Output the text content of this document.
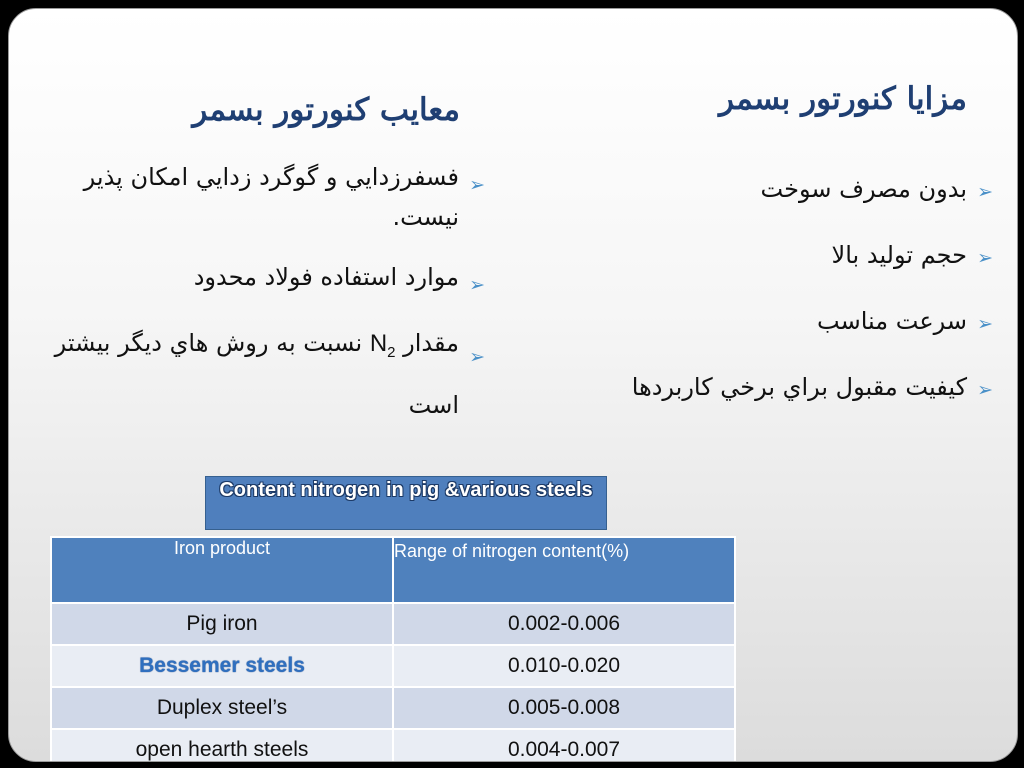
مزايا كنورتور بسمر
معايب كنورتور بسمر
➢
بدون مصرف سوخت
➢
حجم توليد بالا
➢
سرعت مناسب
➢
كيفيت مقبول براي برخي كاربردها
➢
فسفرزدايي و گوگرد زدايي امكان پذير نيست.
➢
موارد استفاده فولاد محدود
➢
مقدار $N_2$ نسبت به روش هاي ديگر بيشتر است
Content nitrogen in pig &various steels
Iron product	Range of nitrogen content(%)
Pig iron	0.002-0.006
Bessemer steels	0.010-0.020
Duplex steel’s	0.005-0.008
open hearth steels	0.004-0.007
